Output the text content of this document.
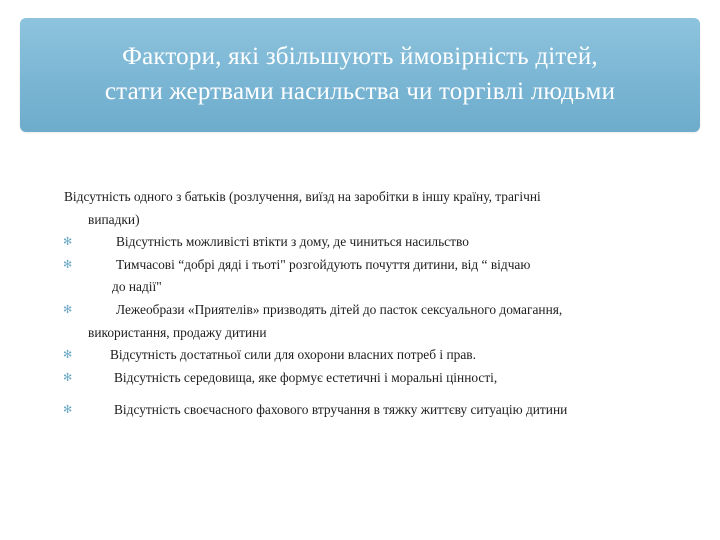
Фактори, які збільшують ймовірність дітей,
стати жертвами насильства чи торгівлі людьми
Відсутність одного з батьків (розлучення, виїзд на заробітки в іншу країну, трагічні
випадки)
✻	Відсутність можливісті втікти з дому, де чиниться насильство
✻	Тимчасові “добрі дяді і тьоті" розгойдують почуття дитини, від “ відчаю
до надії"
✻	Лежеобрази «Приятелів» призводять дітей до пасток сексуального домагання,
використання, продажу дитини
✻	Відсутність достатньої сили для охорони власних потреб і прав.
✻	Відсутність середовища, яке формує естетичні і моральні цінності,
✻	Відсутність своєчасного фахового втручання в тяжку життєву ситуацію дитини
